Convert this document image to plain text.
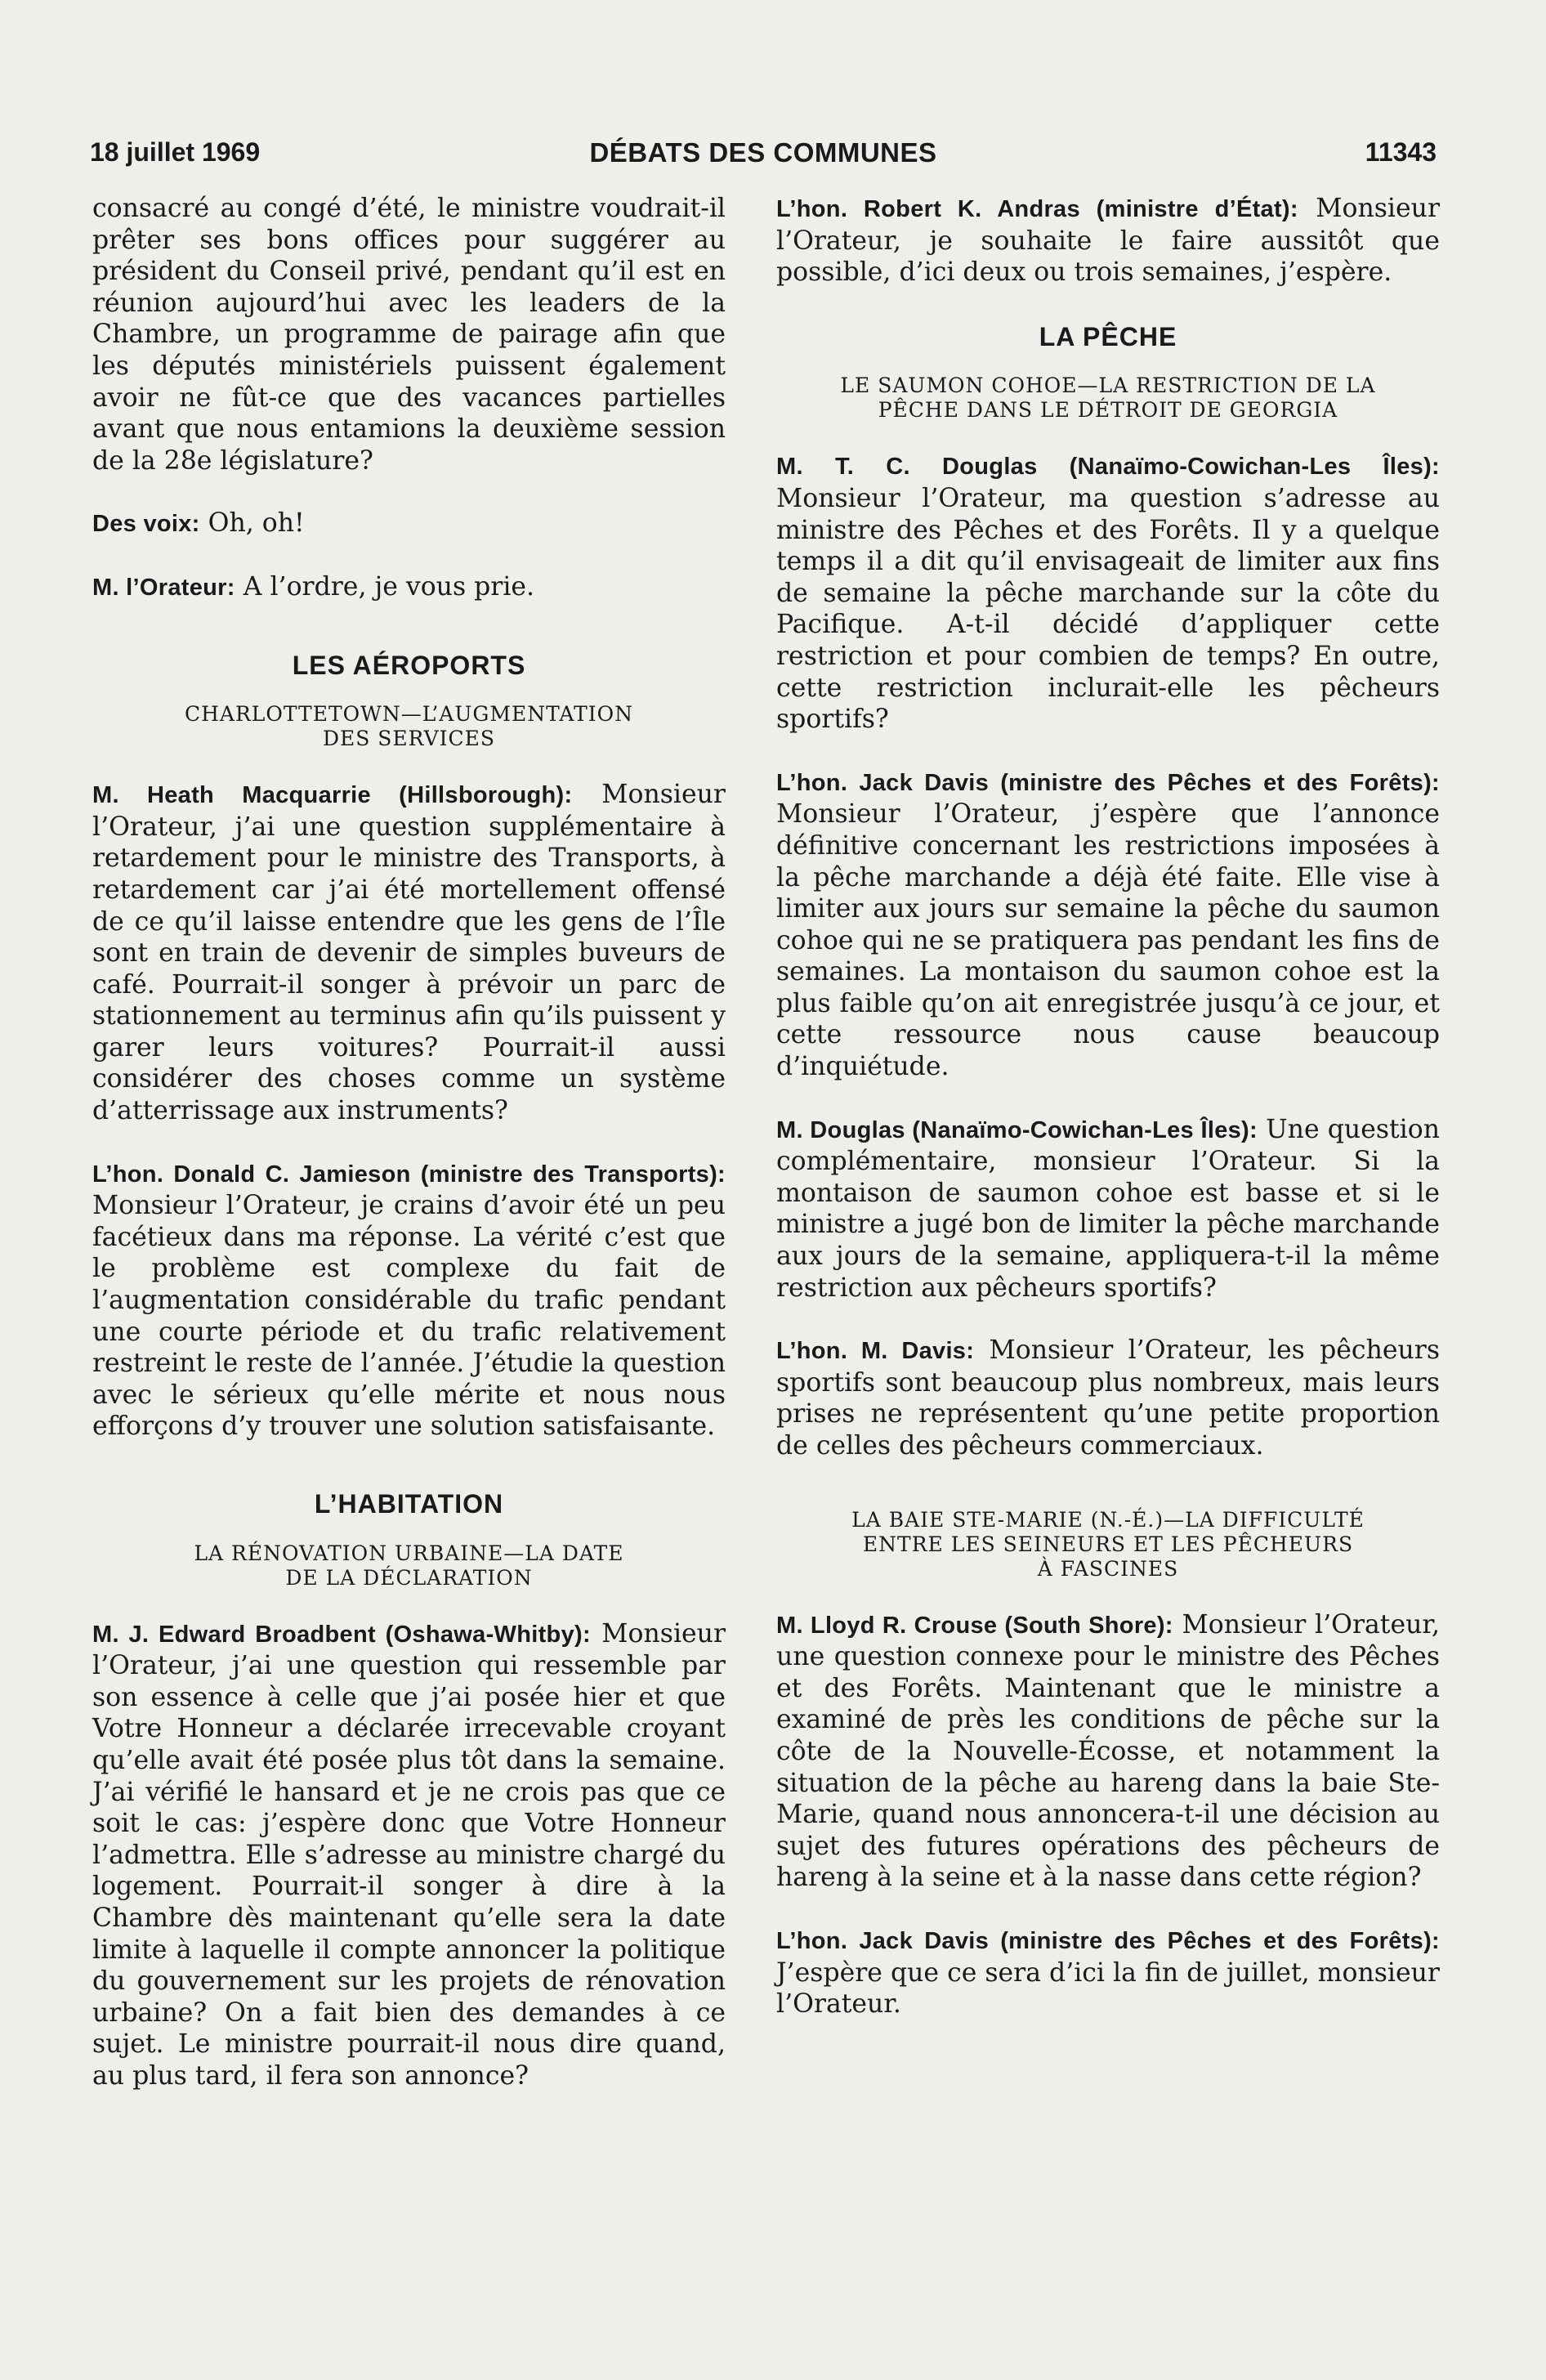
18 juillet 1969	DÉBATS DES COMMUNES	11343

consacré au congé d’été, le ministre voudrait-il prêter ses bons offices pour suggérer au président du Conseil privé, pendant qu’il est en réunion aujourd’hui avec les leaders de la Chambre, un programme de pairage afin que les députés ministériels puissent également avoir ne fût-ce que des vacances partielles avant que nous entamions la deuxième session de la 28e législature?

Des voix: Oh, oh!

M. l’Orateur: A l’ordre, je vous prie.

LES AÉROPORTS
CHARLOTTETOWN—L’AUGMENTATION
DES SERVICES

M. Heath Macquarrie (Hillsborough): Monsieur l’Orateur, j’ai une question supplémentaire à retardement pour le ministre des Transports, à retardement car j’ai été mortellement offensé de ce qu’il laisse entendre que les gens de l’Île sont en train de devenir de simples buveurs de café. Pourrait-il songer à prévoir un parc de stationnement au terminus afin qu’ils puissent y garer leurs voitures? Pourrait-il aussi considérer des choses comme un système d’atterrissage aux instruments?

L’hon. Donald C. Jamieson (ministre des Transports): Monsieur l’Orateur, je crains d’avoir été un peu facétieux dans ma réponse. La vérité c’est que le problème est complexe du fait de l’augmentation considérable du trafic pendant une courte période et du trafic relativement restreint le reste de l’année. J’étudie la question avec le sérieux qu’elle mérite et nous nous efforçons d’y trouver une solution satisfaisante.

L’HABITATION
LA RÉNOVATION URBAINE—LA DATE
DE LA DÉCLARATION

M. J. Edward Broadbent (Oshawa-Whitby): Monsieur l’Orateur, j’ai une question qui ressemble par son essence à celle que j’ai posée hier et que Votre Honneur a déclarée irrecevable croyant qu’elle avait été posée plus tôt dans la semaine. J’ai vérifié le hansard et je ne crois pas que ce soit le cas: j’espère donc que Votre Honneur l’admettra. Elle s’adresse au ministre chargé du logement. Pourrait-il songer à dire à la Chambre dès maintenant qu’elle sera la date limite à laquelle il compte annoncer la politique du gouvernement sur les projets de rénovation urbaine? On a fait bien des demandes à ce sujet. Le ministre pourrait-il nous dire quand, au plus tard, il fera son annonce?

L’hon. Robert K. Andras (ministre d’État): Monsieur l’Orateur, je souhaite le faire aussitôt que possible, d’ici deux ou trois semaines, j’espère.

LA PÊCHE
LE SAUMON COHOE—LA RESTRICTION DE LA
PÊCHE DANS LE DÉTROIT DE GEORGIA

M. T. C. Douglas (Nanaïmo-Cowichan-Les Îles): Monsieur l’Orateur, ma question s’adresse au ministre des Pêches et des Forêts. Il y a quelque temps il a dit qu’il envisageait de limiter aux fins de semaine la pêche marchande sur la côte du Pacifique. A-t-il décidé d’appliquer cette restriction et pour combien de temps? En outre, cette restriction inclurait-elle les pêcheurs sportifs?

L’hon. Jack Davis (ministre des Pêches et des Forêts): Monsieur l’Orateur, j’espère que l’annonce définitive concernant les restrictions imposées à la pêche marchande a déjà été faite. Elle vise à limiter aux jours sur semaine la pêche du saumon cohoe qui ne se pratiquera pas pendant les fins de semaines. La montaison du saumon cohoe est la plus faible qu’on ait enregistrée jusqu’à ce jour, et cette ressource nous cause beaucoup d’inquiétude.

M. Douglas (Nanaïmo-Cowichan-Les Îles): Une question complémentaire, monsieur l’Orateur. Si la montaison de saumon cohoe est basse et si le ministre a jugé bon de limiter la pêche marchande aux jours de la semaine, appliquera-t-il la même restriction aux pêcheurs sportifs?

L’hon. M. Davis: Monsieur l’Orateur, les pêcheurs sportifs sont beaucoup plus nombreux, mais leurs prises ne représentent qu’une petite proportion de celles des pêcheurs commerciaux.

LA BAIE STE-MARIE (N.-É.)—LA DIFFICULTÉ
ENTRE LES SEINEURS ET LES PÊCHEURS
À FASCINES

M. Lloyd R. Crouse (South Shore): Monsieur l’Orateur, une question connexe pour le ministre des Pêches et des Forêts. Maintenant que le ministre a examiné de près les conditions de pêche sur la côte de la Nouvelle-Écosse, et notamment la situation de la pêche au hareng dans la baie Ste-Marie, quand nous annoncera-t-il une décision au sujet des futures opérations des pêcheurs de hareng à la seine et à la nasse dans cette région?

L’hon. Jack Davis (ministre des Pêches et des Forêts): J’espère que ce sera d’ici la fin de juillet, monsieur l’Orateur.
